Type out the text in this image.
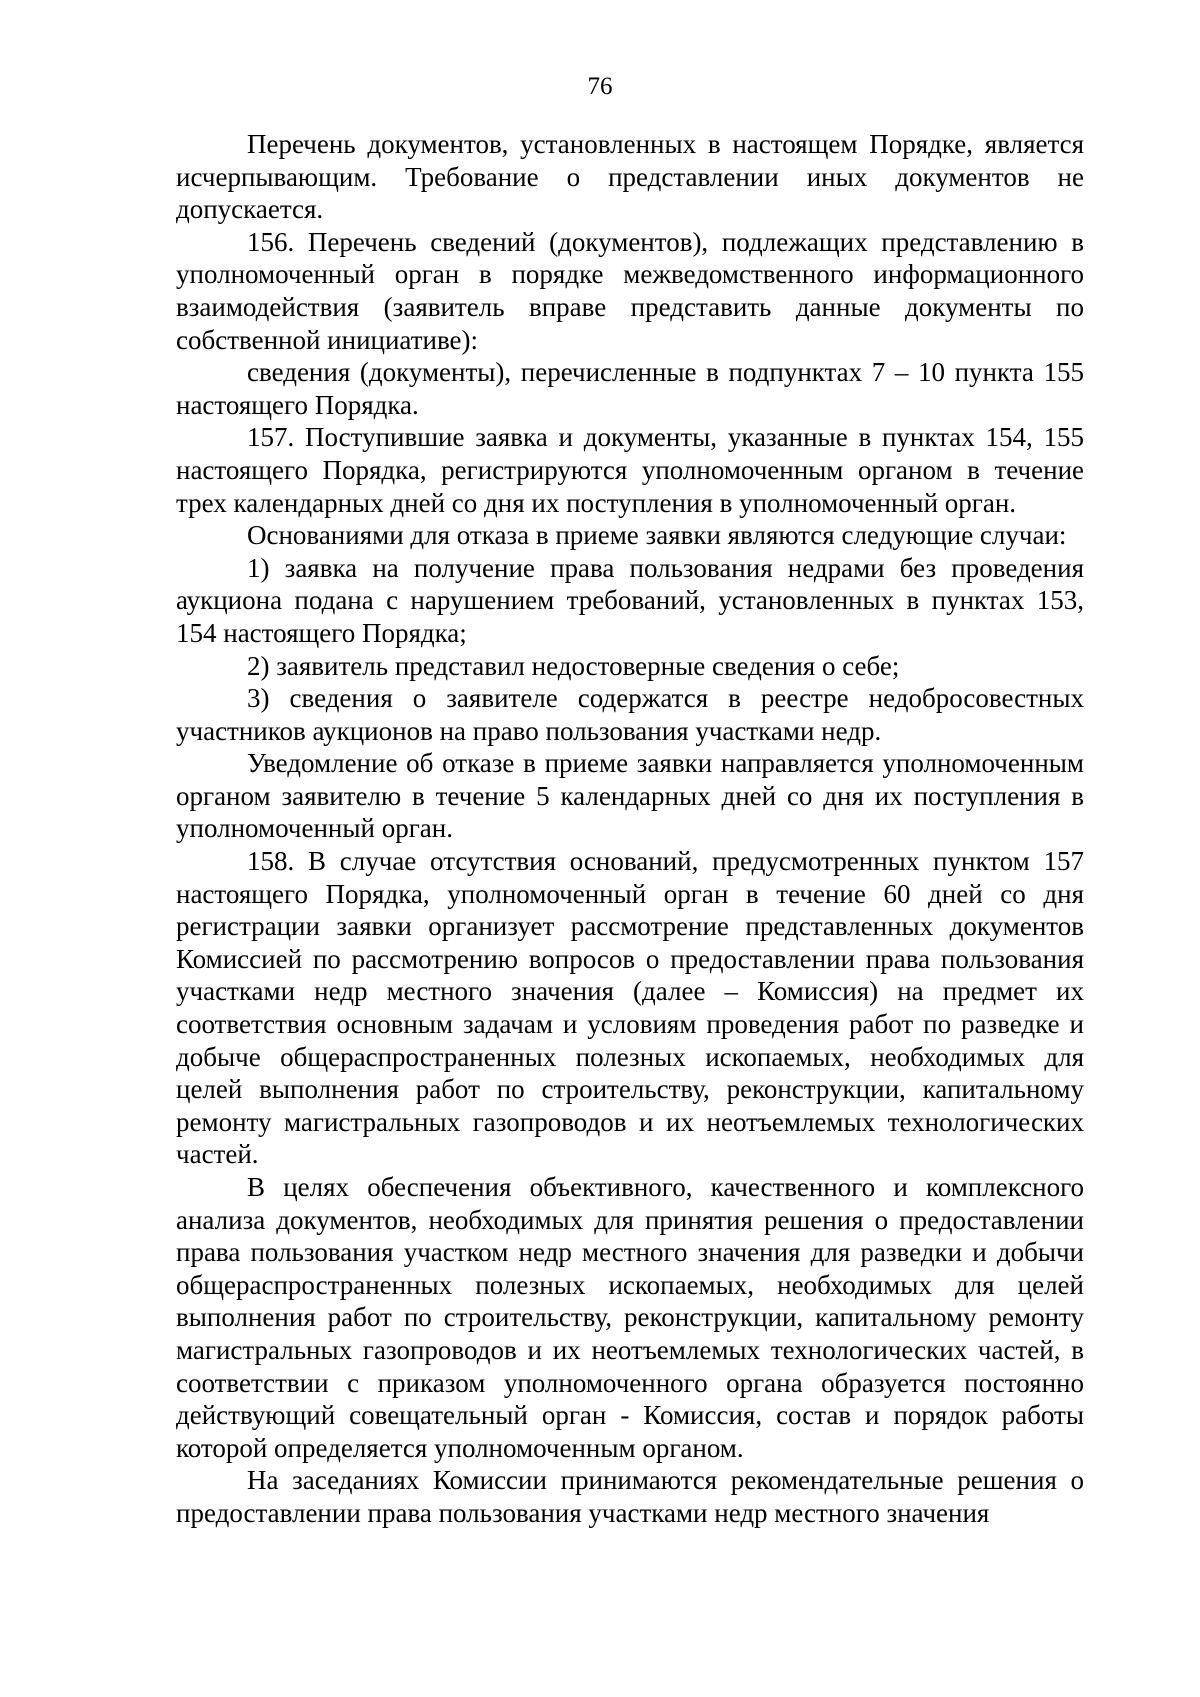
76

Перечень документов, установленных в настоящем Порядке, является исчерпывающим. Требование о представлении иных документов не допускается.

156. Перечень сведений (документов), подлежащих представлению в уполномоченный орган в порядке межведомственного информационного взаимодействия (заявитель вправе представить данные документы по собственной инициативе):

сведения (документы), перечисленные в подпунктах 7 – 10 пункта 155 настоящего Порядка.

157. Поступившие заявка и документы, указанные в пунктах 154, 155 настоящего Порядка, регистрируются уполномоченным органом в течение трех календарных дней со дня их поступления в уполномоченный орган.

Основаниями для отказа в приеме заявки являются следующие случаи:

1) заявка на получение права пользования недрами без проведения аукциона подана с нарушением требований, установленных в пунктах 153, 154 настоящего Порядка;

2) заявитель представил недостоверные сведения о себе;

3) сведения о заявителе содержатся в реестре недобросовестных участников аукционов на право пользования участками недр.

Уведомление об отказе в приеме заявки направляется уполномоченным органом заявителю в течение 5 календарных дней со дня их поступления в уполномоченный орган.

158. В случае отсутствия оснований, предусмотренных пунктом 157 настоящего Порядка, уполномоченный орган в течение 60 дней со дня регистрации заявки организует рассмотрение представленных документов Комиссией по рассмотрению вопросов о предоставлении права пользования участками недр местного значения (далее – Комиссия) на предмет их соответствия основным задачам и условиям проведения работ по разведке и добыче общераспространенных полезных ископаемых, необходимых для целей выполнения работ по строительству, реконструкции, капитальному ремонту магистральных газопроводов и их неотъемлемых технологических частей.

В целях обеспечения объективного, качественного и комплексного анализа документов, необходимых для принятия решения о предоставлении права пользования участком недр местного значения для разведки и добычи общераспространенных полезных ископаемых, необходимых для целей выполнения работ по строительству, реконструкции, капитальному ремонту магистральных газопроводов и их неотъемлемых технологических частей, в соответствии с приказом уполномоченного органа образуется постоянно действующий совещательный орган - Комиссия, состав и порядок работы которой определяется уполномоченным органом.

На заседаниях Комиссии принимаются рекомендательные решения о предоставлении права пользования участками недр местного значения
